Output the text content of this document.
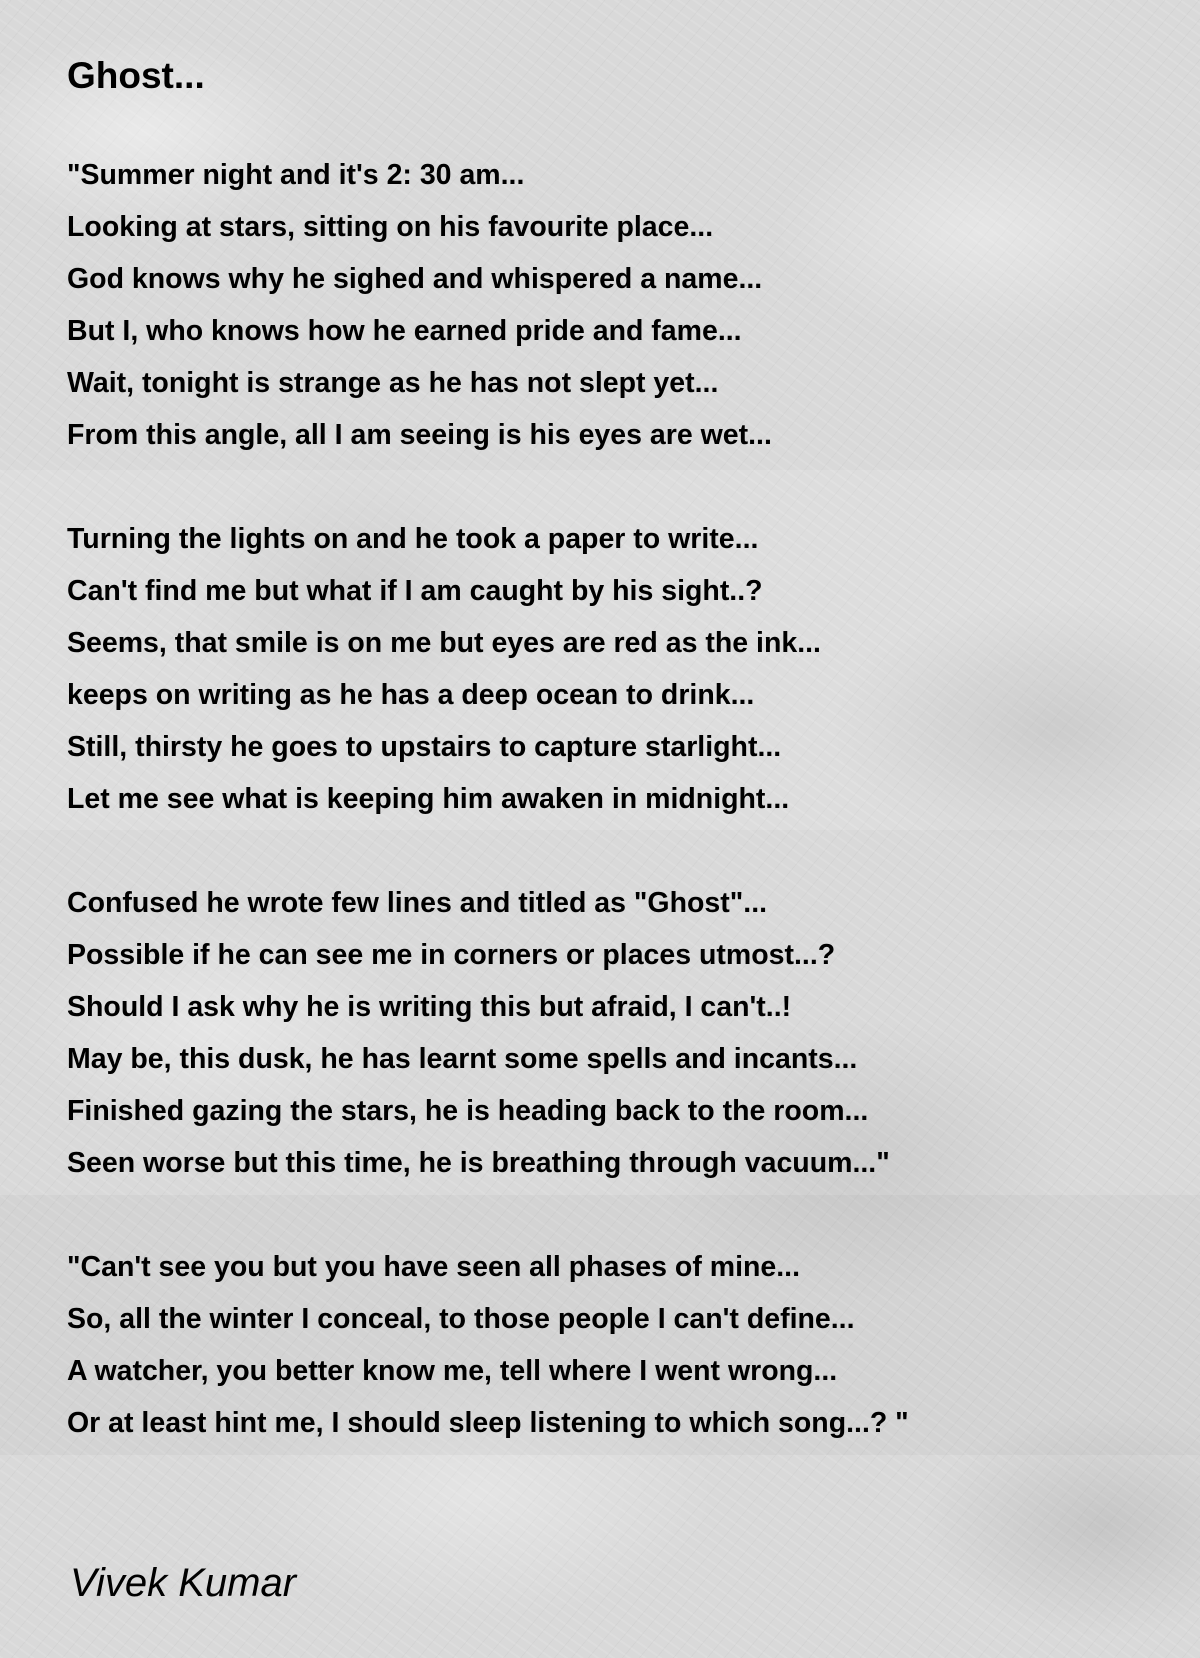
Ghost...

"Summer night and it's 2: 30 am...
Looking at stars, sitting on his favourite place...
God knows why he sighed and whispered a name...
But I, who knows how he earned pride and fame...
Wait, tonight is strange as he has not slept yet...
From this angle, all I am seeing is his eyes are wet...

Turning the lights on and he took a paper to write...
Can't find me but what if I am caught by his sight..?
Seems, that smile is on me but eyes are red as the ink...
keeps on writing as he has a deep ocean to drink...
Still, thirsty he goes to upstairs to capture starlight...
Let me see what is keeping him awaken in midnight...

Confused he wrote few lines and titled as "Ghost"...
Possible if he can see me in corners or places utmost...?
Should I ask why he is writing this but afraid, I can't..!
May be, this dusk, he has learnt some spells and incants...
Finished gazing the stars, he is heading back to the room...
Seen worse but this time, he is breathing through vacuum..."

"Can't see you but you have seen all phases of mine...
So, all the winter I conceal, to those people I can't define...
A watcher, you better know me, tell where I went wrong...
Or at least hint me, I should sleep listening to which song...? "

Vivek Kumar
